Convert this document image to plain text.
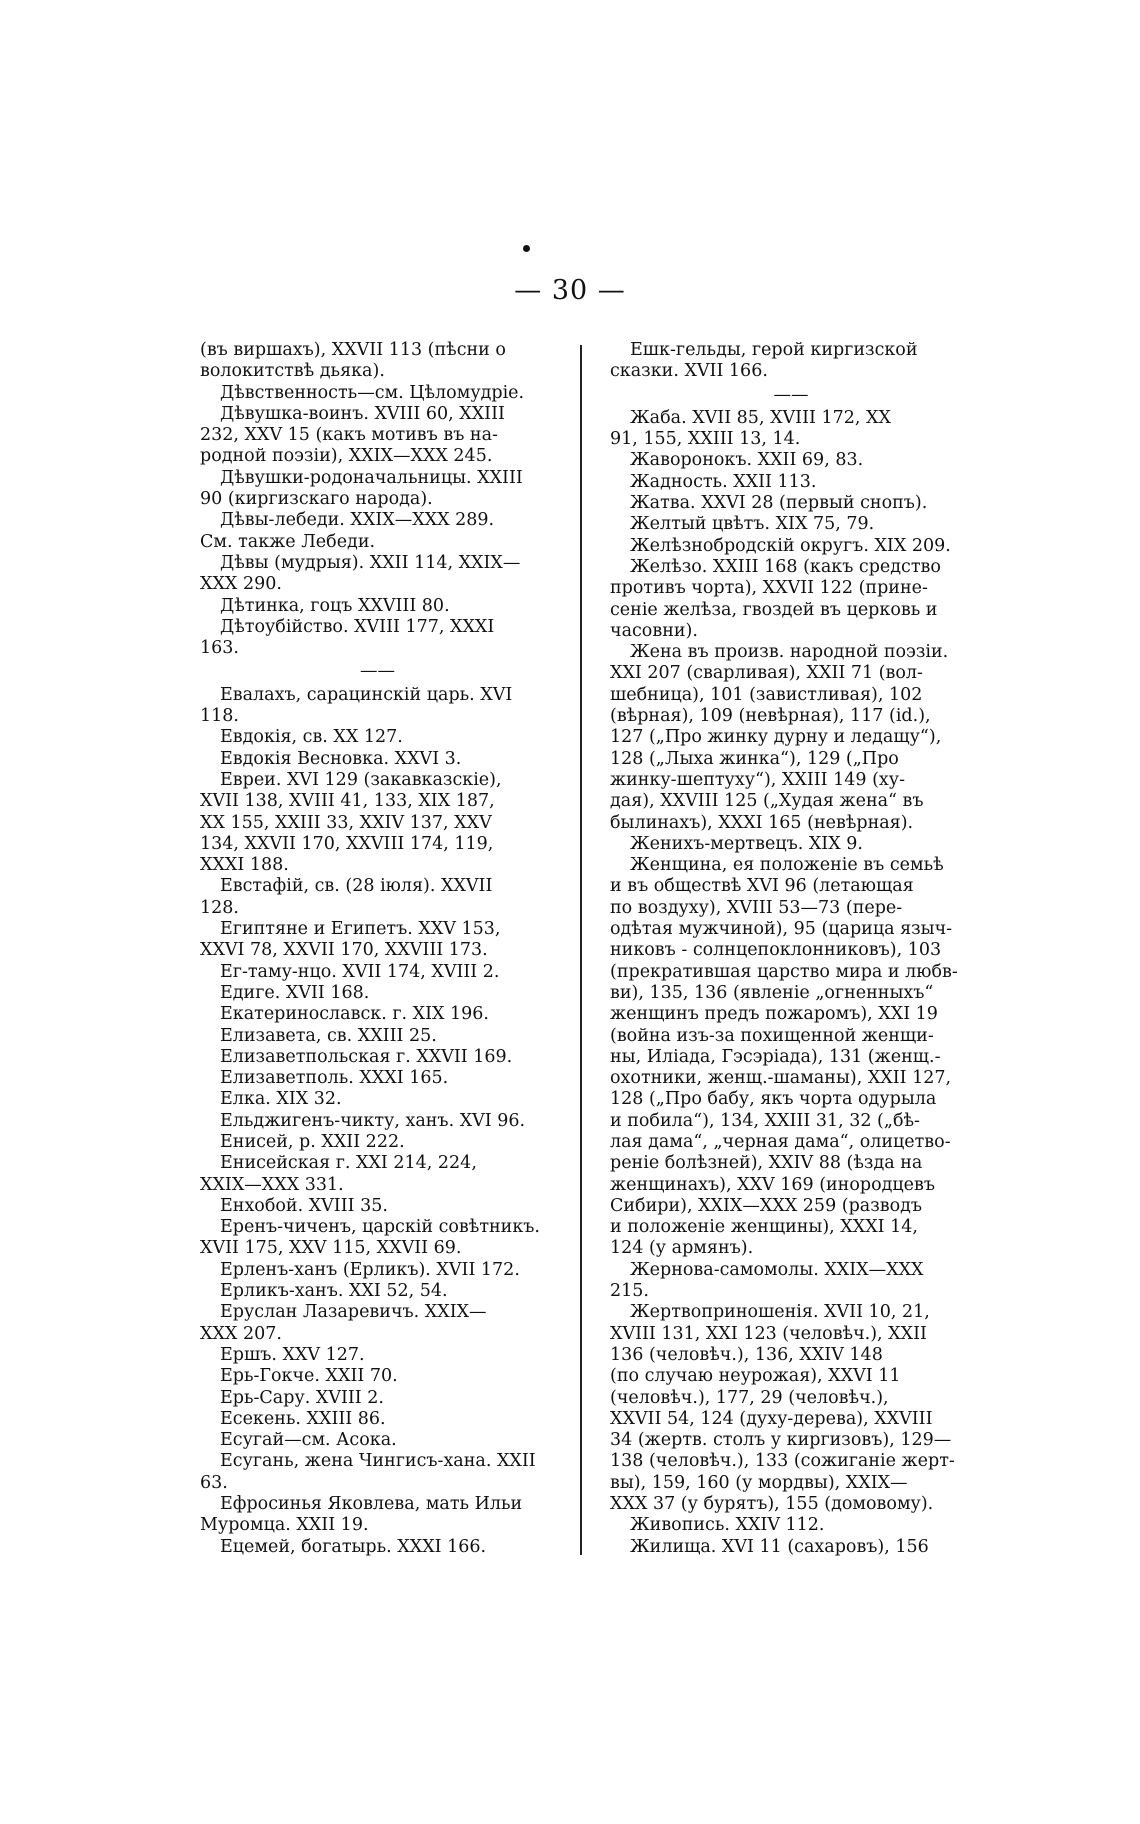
— 30 —
(въ виршахъ), XXVII 113 (пѣсни о
волокитствѣ дьяка).
Дѣвственность—см. Цѣломудріе.
Дѣвушка-воинъ. XVIII 60, XXIII
232, XXV 15 (какъ мотивъ въ на-
родной поэзіи), XXIX—XXX 245.
Дѣвушки-родоначальницы. XXIII
90 (киргизскаго народа).
Дѣвы-лебеди. XXIX—XXX 289.
См. также Лебеди.
Дѣвы (мудрыя). XXII 114, XXIX—
XXX 290.
Дѣтинка, гоцъ XXVIII 80.
Дѣтоубійство. XVIII 177, XXXI
163.
——
Евалахъ, сарацинскій царь. XVI
118.
Евдокія, св. XX 127.
Евдокія Весновка. XXVI 3.
Евреи. XVI 129 (закавказскіе),
XVII 138, XVIII 41, 133, XIX 187,
XX 155, XXIII 33, XXIV 137, XXV
134, XXVII 170, XXVIII 174, 119,
XXXI 188.
Евстафій, св. (28 іюля). XXVII
128.
Египтяне и Египетъ. XXV 153,
XXVI 78, XXVII 170, XXVIII 173.
Ег-таму-нцо. XVII 174, XVIII 2.
Едиге. XVII 168.
Екатеринославск. г. XIX 196.
Елизавета, св. XXIII 25.
Елизаветпольская г. XXVII 169.
Елизаветполь. XXXI 165.
Елка. XIX 32.
Ельджигенъ-чикту, ханъ. XVI 96.
Енисей, р. XXII 222.
Енисейская г. XXI 214, 224,
XXIX—XXX 331.
Енхобой. XVIII 35.
Еренъ-чиченъ, царскій совѣтникъ.
XVII 175, XXV 115, XXVII 69.
Ерленъ-ханъ (Ерликъ). XVII 172.
Ерликъ-ханъ. XXI 52, 54.
Еруслан Лазаревичъ. XXIX—
XXX 207.
Ершъ. XXV 127.
Ерь-Гокче. XXII 70.
Ерь-Сару. XVIII 2.
Есекень. XXIII 86.
Есугай—см. Асока.
Есугань, жена Чингисъ-хана. XXII
63.
Ефросинья Яковлева, мать Ильи
Муромца. XXII 19.
Ецемей, богатырь. XXXI 166.
Ешк-гельды, герой киргизской
сказки. XVII 166.
——
Жаба. XVII 85, XVIII 172, XX
91, 155, XXIII 13, 14.
Жаворонокъ. XXII 69, 83.
Жадность. XXII 113.
Жатва. XXVI 28 (первый снопъ).
Желтый цвѣтъ. XIX 75, 79.
Желѣзнобродскій округъ. XIX 209.
Желѣзо. XXIII 168 (какъ средство
противъ чорта), XXVII 122 (прине-
сеніе желѣза, гвоздей въ церковь и
часовни).
Жена въ произв. народной поэзіи.
XXI 207 (сварливая), XXII 71 (вол-
шебница), 101 (завистливая), 102
(вѣрная), 109 (невѣрная), 117 (id.),
127 („Про жинку дурну и ледащу“),
128 („Лыха жинка“), 129 („Про
жинку-шептуху“), XXIII 149 (ху-
дая), XXVIII 125 („Худая жена“ въ
былинахъ), XXXI 165 (невѣрная).
Женихъ-мертвецъ. XIX 9.
Женщина, ея положеніе въ семьѣ
и въ обществѣ XVI 96 (летающая
по воздуху), XVIII 53—73 (пере-
одѣтая мужчиной), 95 (царица языч-
никовъ - солнцепоклонниковъ), 103
(прекратившая царство мира и любв-
ви), 135, 136 (явленіе „огненныхъ“
женщинъ предъ пожаромъ), XXI 19
(война изъ-за похищенной женщи-
ны, Иліада, Гэсэріада), 131 (женщ.-
охотники, женщ.-шаманы), XXII 127,
128 („Про бабу, якъ чорта одурыла
и побила“), 134, XXIII 31, 32 („бѣ-
лая дама“, „черная дама“, олицетво-
реніе болѣзней), XXIV 88 (ѣзда на
женщинахъ), XXV 169 (инородцевъ
Сибири), XXIX—XXX 259 (разводъ
и положеніе женщины), XXXI 14,
124 (у армянъ).
Жернова-самомолы. XXIX—XXX
215.
Жертвоприношенія. XVII 10, 21,
XVIII 131, XXI 123 (человѣч.), XXII
136 (человѣч.), 136, XXIV 148
(по случаю неурожая), XXVI 11
(человѣч.), 177, 29 (человѣч.),
XXVII 54, 124 (духу-дерева), XXVIII
34 (жертв. столъ у киргизовъ), 129—
138 (человѣч.), 133 (сожиганіе жерт-
вы), 159, 160 (у мордвы), XXIX—
XXX 37 (у бурятъ), 155 (домовому).
Живопись. XXIV 112.
Жилища. XVI 11 (сахаровъ), 156
